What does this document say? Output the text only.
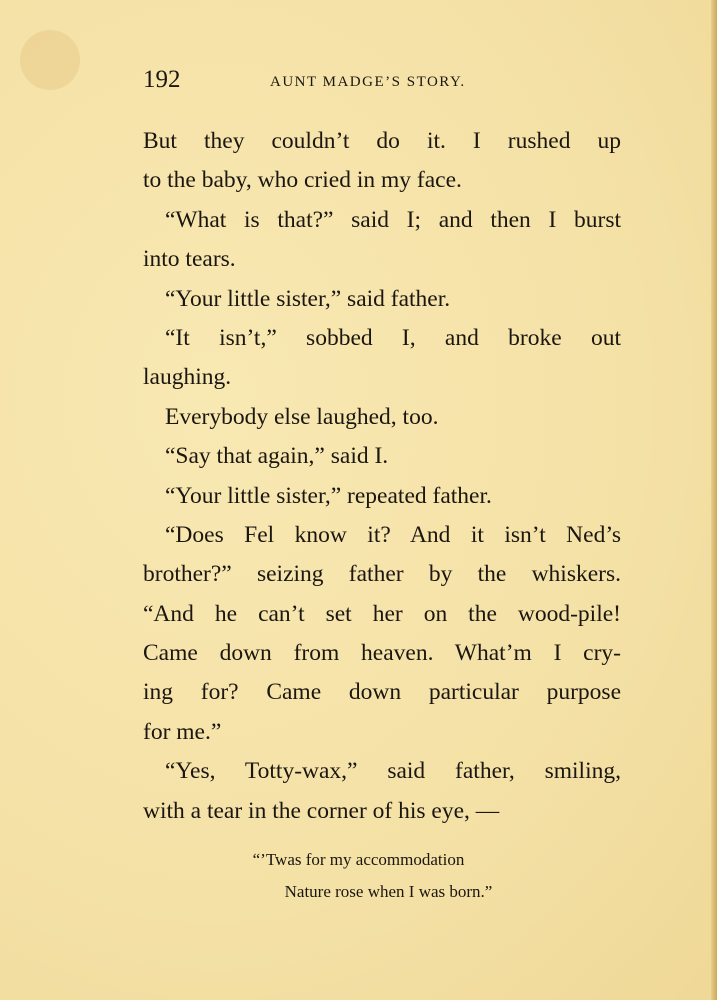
192	AUNT MADGE’S STORY.
But they couldn’t do it. I rushed up
to the baby, who cried in my face.
“What is that?” said I; and then I burst
into tears.
“Your little sister,” said father.
“It isn’t,” sobbed I, and broke out
laughing.
Everybody else laughed, too.
“Say that again,” said I.
“Your little sister,” repeated father.
“Does Fel know it? And it isn’t Ned’s
brother?” seizing father by the whiskers.
“And he can’t set her on the wood-pile!
Came down from heaven. What’m I cry-
ing for? Came down particular purpose
for me.”
“Yes, Totty-wax,” said father, smiling,
with a tear in the corner of his eye, —
“’Twas for my accommodation
Nature rose when I was born.”
